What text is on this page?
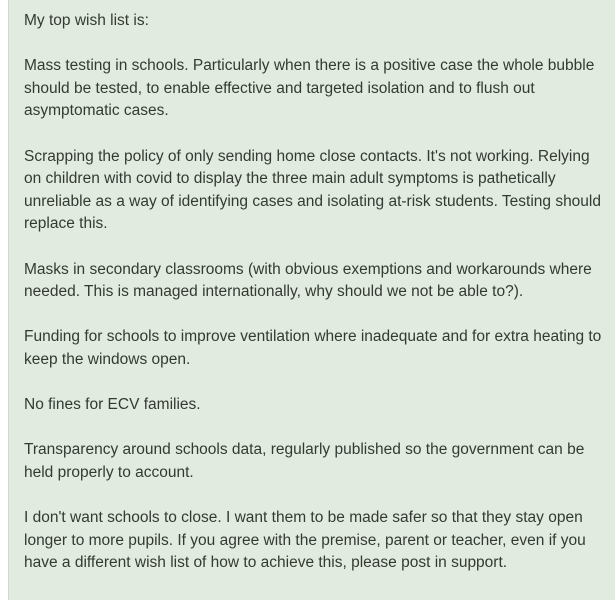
My top wish list is:

Mass testing in schools. Particularly when there is a positive case the whole bubble should be tested, to enable effective and targeted isolation and to flush out asymptomatic cases.

Scrapping the policy of only sending home close contacts. It's not working. Relying on children with covid to display the three main adult symptoms is pathetically unreliable as a way of identifying cases and isolating at-risk students. Testing should replace this.

Masks in secondary classrooms (with obvious exemptions and workarounds where needed. This is managed internationally, why should we not be able to?).

Funding for schools to improve ventilation where inadequate and for extra heating to keep the windows open.

No fines for ECV families.

Transparency around schools data, regularly published so the government can be held properly to account.

I don't want schools to close. I want them to be made safer so that they stay open longer to more pupils. If you agree with the premise, parent or teacher, even if you have a different wish list of how to achieve this, please post in support.
